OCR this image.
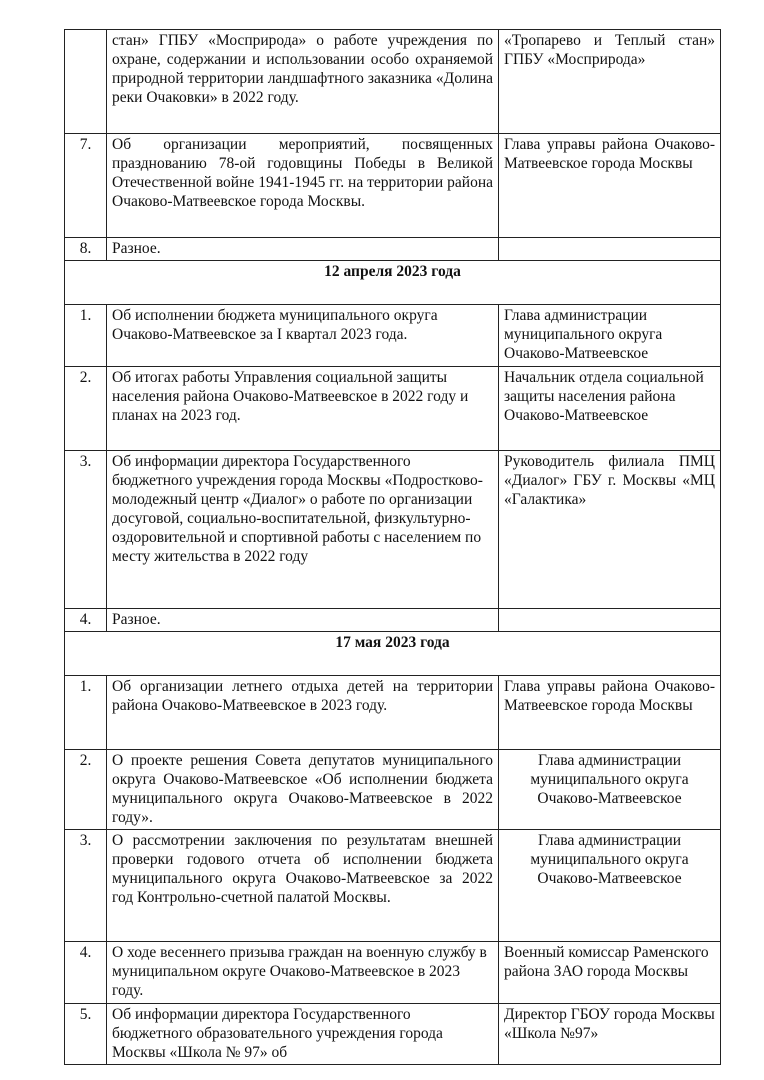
	стан» ГПБУ «Мосприрода» о работе учреждения по охране, содержании и использовании особо охраняемой природной территории ландшафтного заказника «Долина реки Очаковки» в 2022 году.	«Тропарево и Теплый стан» ГПБУ «Мосприрода»
7.	Об организации мероприятий, посвященных празднованию 78-ой годовщины Победы в Великой Отечественной войне 1941-1945 гг. на территории района Очаково-Матвеевское города Москвы.	Глава управы района Очаково-Матвеевское города Москвы
8.	Разное.	
12 апреля 2023 года		
1.	Об исполнении бюджета муниципального округа Очаково-Матвеевское за I квартал 2023 года.	Глава администрации муниципального округа Очаково-Матвеевское
2.	Об итогах работы Управления социальной защиты населения района Очаково-Матвеевское в 2022 году и планах на 2023 год.	Начальник отдела социальной защиты населения района Очаково-Матвеевское
3.	Об информации директора Государственного бюджетного учреждения города Москвы «Подростково-молодежный центр «Диалог» о работе по организации досуговой, социально-воспитательной, физкультурно-оздоровительной и спортивной работы с населением по месту жительства в 2022 году	Руководитель филиала ПМЦ «Диалог» ГБУ г. Москвы «МЦ «Галактика»
4.	Разное.	
17 мая 2023 года		
1.	Об организации летнего отдыха детей на территории района Очаково-Матвеевское в 2023 году.	Глава управы района Очаково-Матвеевское города Москвы
2.	О проекте решения Совета депутатов муниципального округа Очаково-Матвеевское «Об исполнении бюджета муниципального округа Очаково-Матвеевское в 2022 году».	Глава администрации муниципального округа Очаково-Матвеевское
3.	О рассмотрении заключения по результатам внешней проверки годового отчета об исполнении бюджета муниципального округа Очаково-Матвеевское за 2022 год Контрольно-счетной палатой Москвы.	Глава администрации муниципального округа Очаково-Матвеевское
4.	О ходе весеннего призыва граждан на военную службу в муниципальном округе Очаково-Матвеевское в 2023 году.	Военный комиссар Раменского района ЗАО города Москвы
5.	Об информации директора Государственного бюджетного образовательного учреждения города Москвы «Школа № 97» об	Директор ГБОУ города Москвы «Школа №97»
